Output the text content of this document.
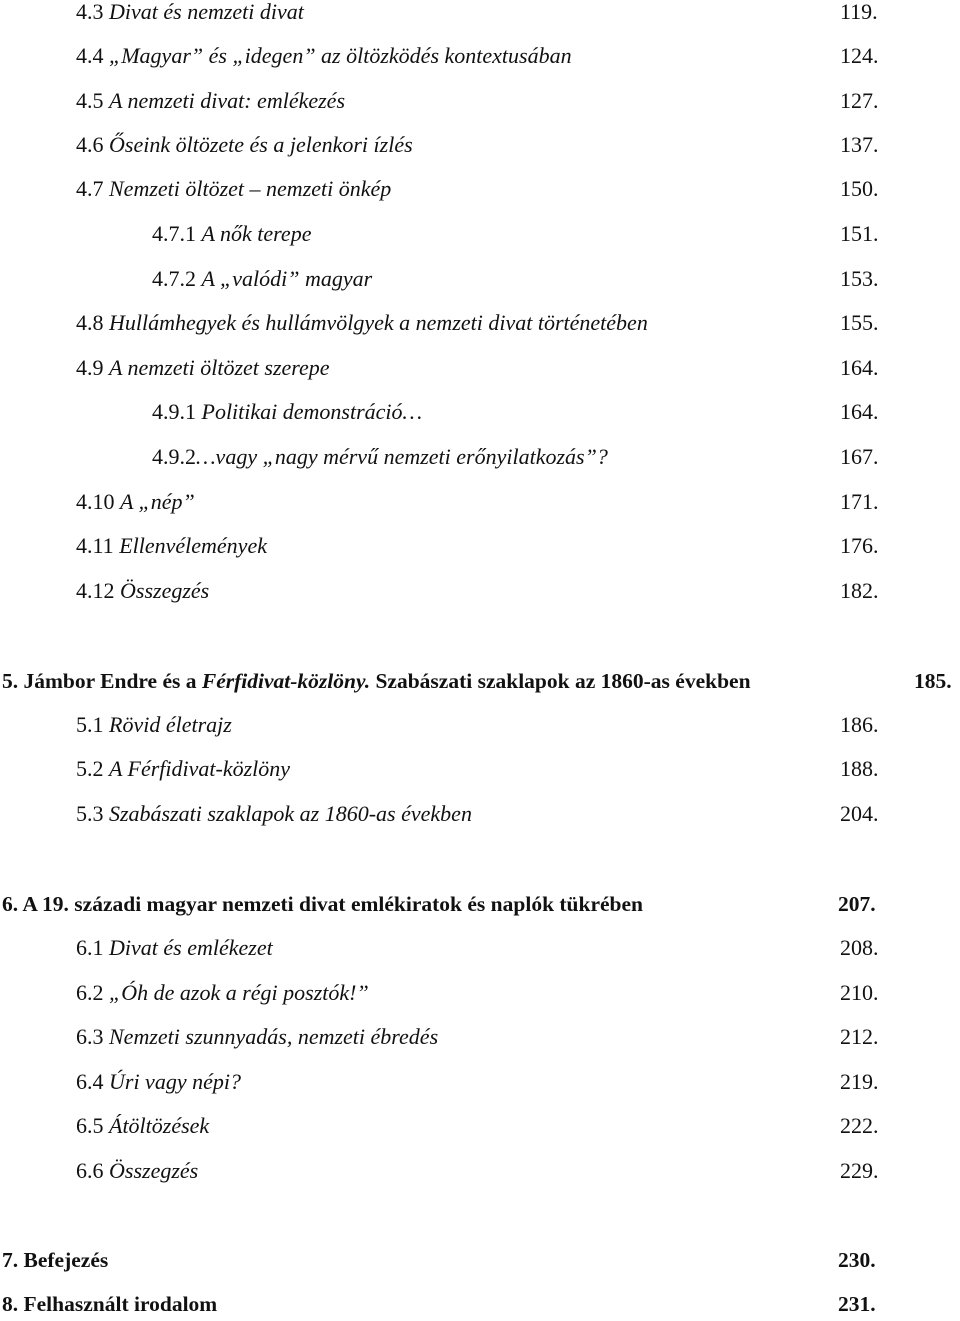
4.3 Divat és nemzeti divat	119.
4.4 „Magyar” és „idegen” az öltözködés kontextusában	124.
4.5 A nemzeti divat: emlékezés	127.
4.6 Őseink öltözete és a jelenkori ízlés	137.
4.7 Nemzeti öltözet – nemzeti önkép	150.
4.7.1 A nők terepe	151.
4.7.2 A „valódi” magyar	153.
4.8 Hullámhegyek és hullámvölgyek a nemzeti divat történetében	155.
4.9 A nemzeti öltözet szerepe	164.
4.9.1 Politikai demonstráció…	164.
4.9.2…vagy „nagy mérvű nemzeti erőnyilatkozás”?	167.
4.10 A „nép”	171.
4.11 Ellenvélemények	176.
4.12 Összegzés	182.
5. Jámbor Endre és a Férfidivat-közlöny. Szabászati szaklapok az 1860-as években	185.
5.1 Rövid életrajz	186.
5.2 A Férfidivat-közlöny	188.
5.3 Szabászati szaklapok az 1860-as években	204.
6. A 19. századi magyar nemzeti divat emlékiratok és naplók tükrében	207.
6.1 Divat és emlékezet	208.
6.2 „Óh de azok a régi posztók!”	210.
6.3 Nemzeti szunnyadás, nemzeti ébredés	212.
6.4 Úri vagy népi?	219.
6.5 Átöltözések	222.
6.6 Összegzés	229.
7. Befejezés	230.
8. Felhasznált irodalom	231.
